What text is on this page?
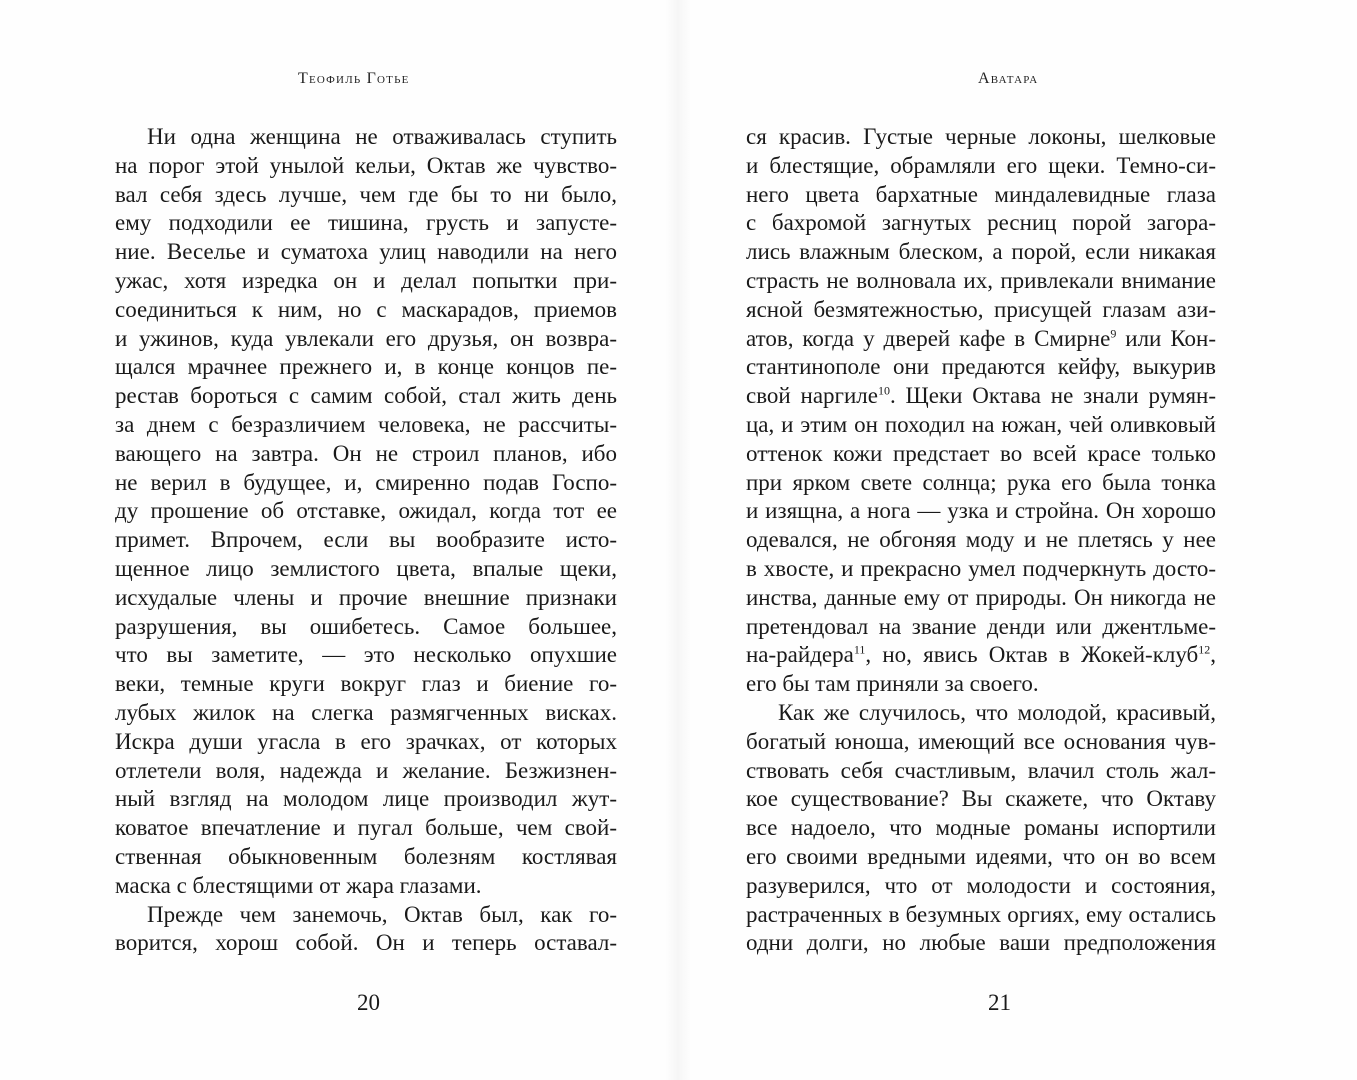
Теофиль Готье
Ни одна женщина не отваживалась ступить
на порог этой унылой кельи, Октав же чувство-
вал себя здесь лучше, чем где бы то ни было,
ему подходили ее тишина, грусть и запусте-
ние. Веселье и суматоха улиц наводили на него
ужас, хотя изредка он и делал попытки при-
соединиться к ним, но с маскарадов, приемов
и ужинов, куда увлекали его друзья, он возвра-
щался мрачнее прежнего и, в конце концов пе-
рестав бороться с самим собой, стал жить день
за днем с безразличием человека, не рассчиты-
вающего на завтра. Он не строил планов, ибо
не верил в будущее, и, смиренно подав Госпо-
ду прошение об отставке, ожидал, когда тот ее
примет. Впрочем, если вы вообразите исто-
щенное лицо землистого цвета, впалые щеки,
исхудалые члены и прочие внешние признаки
разрушения, вы ошибетесь. Самое большее,
что вы заметите, — это несколько опухшие
веки, темные круги вокруг глаз и биение го-
лубых жилок на слегка размягченных висках.
Искра души угасла в его зрачках, от которых
отлетели воля, надежда и желание. Безжизнен-
ный взгляд на молодом лице производил жут-
коватое впечатление и пугал больше, чем свой-
ственная обыкновенным болезням костлявая
маска с блестящими от жара глазами.
Прежде чем занемочь, Октав был, как го-
ворится, хорош собой. Он и теперь оставал-
20
Аватара
ся красив. Густые черные локоны, шелковые
и блестящие, обрамляли его щеки. Темно-си-
него цвета бархатные миндалевидные глаза
с бахромой загнутых ресниц порой загора-
лись влажным блеском, а порой, если никакая
страсть не волновала их, привлекали внимание
ясной безмятежностью, присущей глазам ази-
атов, когда у дверей кафе в Смирне$^9$ или Кон-
стантинополе они предаются кейфу, выкурив
свой наргиле$^{10}$. Щеки Октава не знали румян-
ца, и этим он походил на южан, чей оливковый
оттенок кожи предстает во всей красе только
при ярком свете солнца; рука его была тонка
и изящна, а нога — узка и стройна. Он хорошо
одевался, не обгоняя моду и не плетясь у нее
в хвосте, и прекрасно умел подчеркнуть досто-
инства, данные ему от природы. Он никогда не
претендовал на звание денди или джентльме-
на-райдера$^{11}$, но, явись Октав в Жокей-клуб$^{12}$,
его бы там приняли за своего.
Как же случилось, что молодой, красивый,
богатый юноша, имеющий все основания чув-
ствовать себя счастливым, влачил столь жал-
кое существование? Вы скажете, что Октаву
все надоело, что модные романы испортили
его своими вредными идеями, что он во всем
разуверился, что от молодости и состояния,
растраченных в безумных оргиях, ему остались
одни долги, но любые ваши предположения
21
